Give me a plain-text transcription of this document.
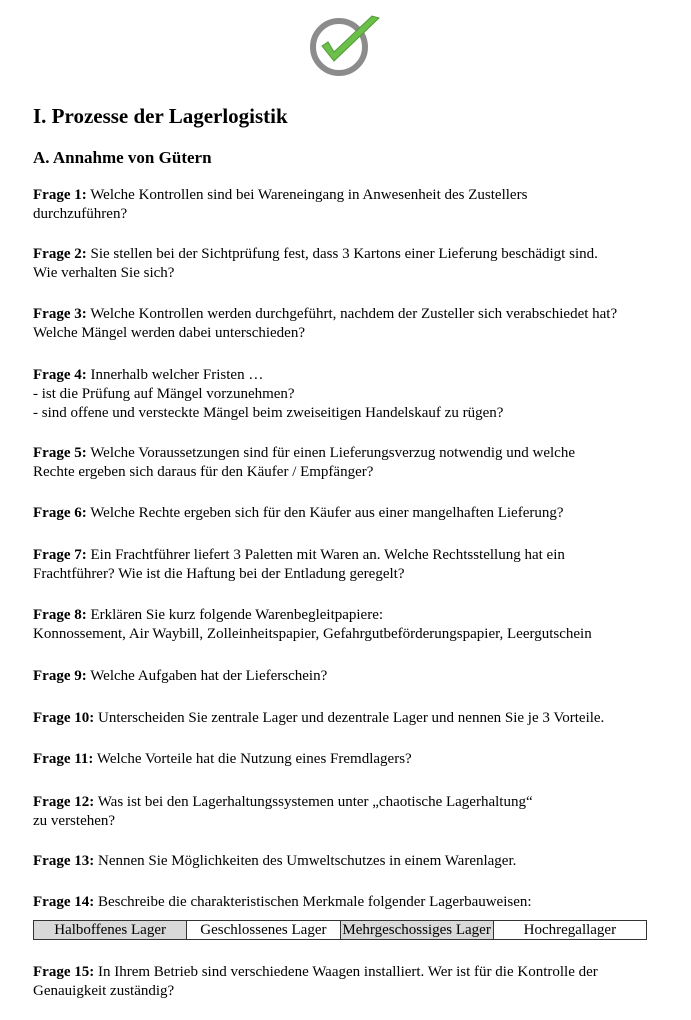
I. Prozesse der Lagerlogistik
A. Annahme von Gütern
Frage 1: Welche Kontrollen sind bei Wareneingang in Anwesenheit des Zustellers
durchzuführen?
Frage 2: Sie stellen bei der Sichtprüfung fest, dass 3 Kartons einer Lieferung beschädigt sind.
Wie verhalten Sie sich?
Frage 3: Welche Kontrollen werden durchgeführt, nachdem der Zusteller sich verabschiedet hat?
Welche Mängel werden dabei unterschieden?
Frage 4: Innerhalb welcher Fristen …
- ist die Prüfung auf Mängel vorzunehmen?
- sind offene und versteckte Mängel beim zweiseitigen Handelskauf zu rügen?
Frage 5: Welche Voraussetzungen sind für einen Lieferungsverzug notwendig und welche
Rechte ergeben sich daraus für den Käufer / Empfänger?
Frage 6: Welche Rechte ergeben sich für den Käufer aus einer mangelhaften Lieferung?
Frage 7: Ein Frachtführer liefert 3 Paletten mit Waren an. Welche Rechtsstellung hat ein
Frachtführer? Wie ist die Haftung bei der Entladung geregelt?
Frage 8: Erklären Sie kurz folgende Warenbegleitpapiere:
Konnossement, Air Waybill, Zolleinheitspapier, Gefahrgutbeförderungspapier, Leergutschein
Frage 9: Welche Aufgaben hat der Lieferschein?
Frage 10: Unterscheiden Sie zentrale Lager und dezentrale Lager und nennen Sie je 3 Vorteile.
Frage 11: Welche Vorteile hat die Nutzung eines Fremdlagers?
Frage 12: Was ist bei den Lagerhaltungssystemen unter „chaotische Lagerhaltung“
zu verstehen?
Frage 13: Nennen Sie Möglichkeiten des Umweltschutzes in einem Warenlager.
Frage 14: Beschreibe die charakteristischen Merkmale folgender Lagerbauweisen:
Halboffenes Lager	Geschlossenes Lager	Mehrgeschossiges Lager	Hochregallager
Frage 15: In Ihrem Betrieb sind verschiedene Waagen installiert. Wer ist für die Kontrolle der
Genauigkeit zuständig?
